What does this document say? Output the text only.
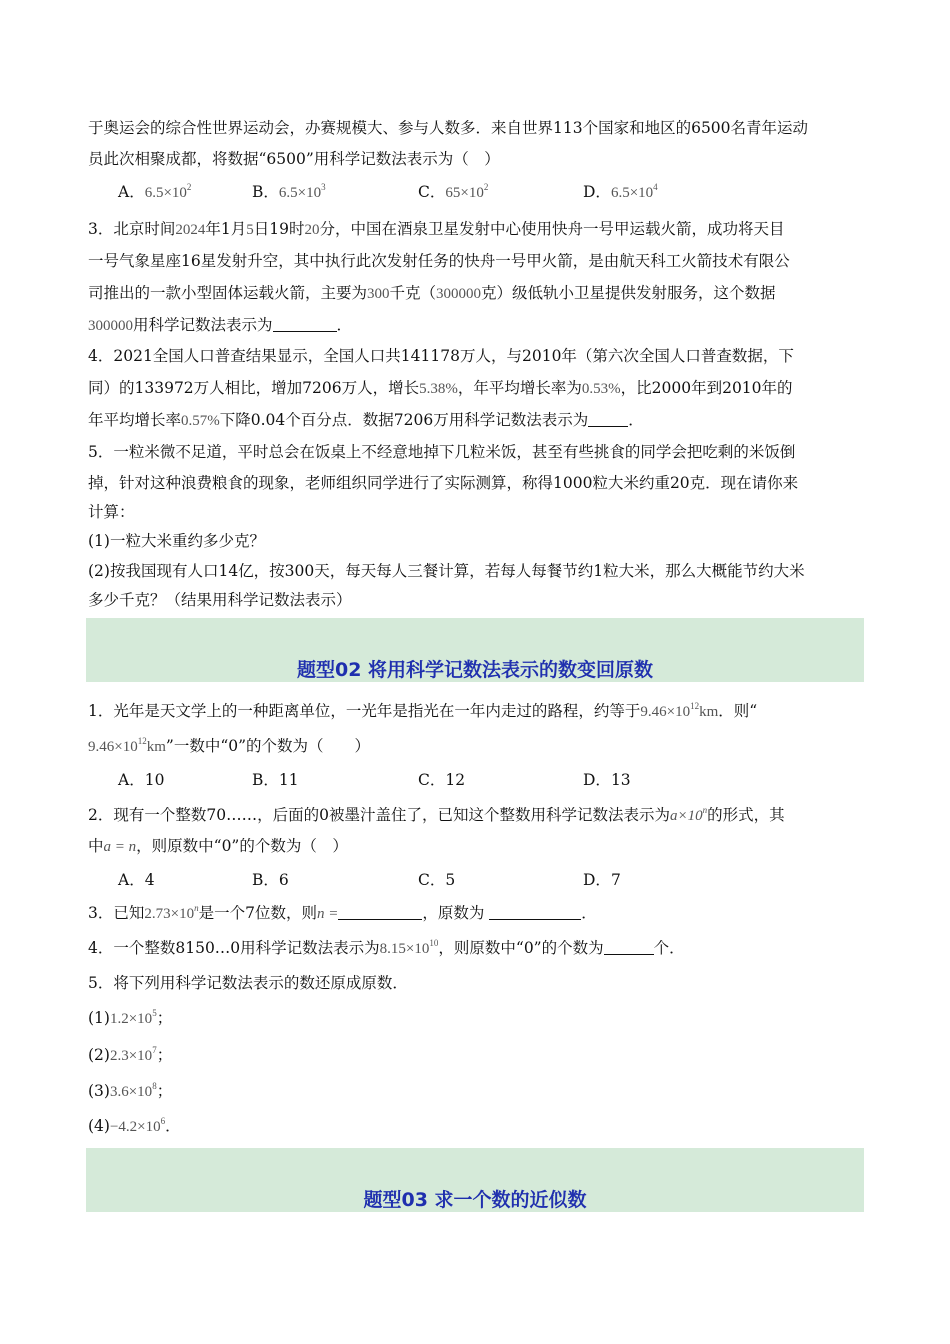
于奥运会的综合性世界运动会，办赛规模大、参与人数多．来自世界113个国家和地区的6500名青年运动
员此次相聚成都，将数据“6500”用科学记数法表示为（　）
A．$6.5\times 10^2$	B．$6.5\times 10^3$	C．$65\times 10^2$	D．$6.5\times 10^4$
3．北京时间2024年1月5日19时20分，中国在酒泉卫星发射中心使用快舟一号甲运载火箭，成功将天目
一号气象星座16星发射升空，其中执行此次发射任务的快舟一号甲火箭，是由航天科工火箭技术有限公
司推出的一款小型固体运载火箭，主要为300千克（300000克）级低轨小卫星提供发射服务，这个数据
300000用科学记数法表示为	．
4．2021全国人口普查结果显示，全国人口共141178万人，与2010年（第六次全国人口普查数据，下
同）的133972万人相比，增加7206万人，增长5.38%，年平均增长率为0.53%，比2000年到2010年的
年平均增长率0.57%下降0.04个百分点．数据7206万用科学记数法表示为	．
5．一粒米微不足道，平时总会在饭桌上不经意地掉下几粒米饭，甚至有些挑食的同学会把吃剩的米饭倒
掉，针对这种浪费粮食的现象，老师组织同学进行了实际测算，称得1000粒大米约重20克．现在请你来
计算：
(1)一粒大米重约多少克？
(2)按我国现有人口14亿，按300天，每天每人三餐计算，若每人每餐节约1粒大米，那么大概能节约大米
多少千克？（结果用科学记数法表示）
题型02 将用科学记数法表示的数变回原数
1．光年是天文学上的一种距离单位，一光年是指光在一年内走过的路程，约等于$9.46\times 10^{12}km$．则“
$9.46\times 10^{12}km$”一数中“0”的个数为（　　）
A．10	B．11	C．12	D．13
2．现有一个整数70……，后面的0被墨汁盖住了，已知这个整数用科学记数法表示为$a\times 10^n$的形式，其
中a = n，则原数中“0”的个数为（　）
A．4	B．6	C．5	D．7
3．已知$2.73\times 10^n$是一个7位数，则n =	，原数为	．
4．一个整数8150…0用科学记数法表示为$8.15\times 10^{10}$，则原数中“0”的个数为	个．
5．将下列用科学记数法表示的数还原成原数．
$(1)1.2\times 10^5$；
$(2)2.3\times 10^7$；
$(3)3.6\times 10^8$；
$(4)-4.2\times 10^6$．
题型03 求一个数的近似数
